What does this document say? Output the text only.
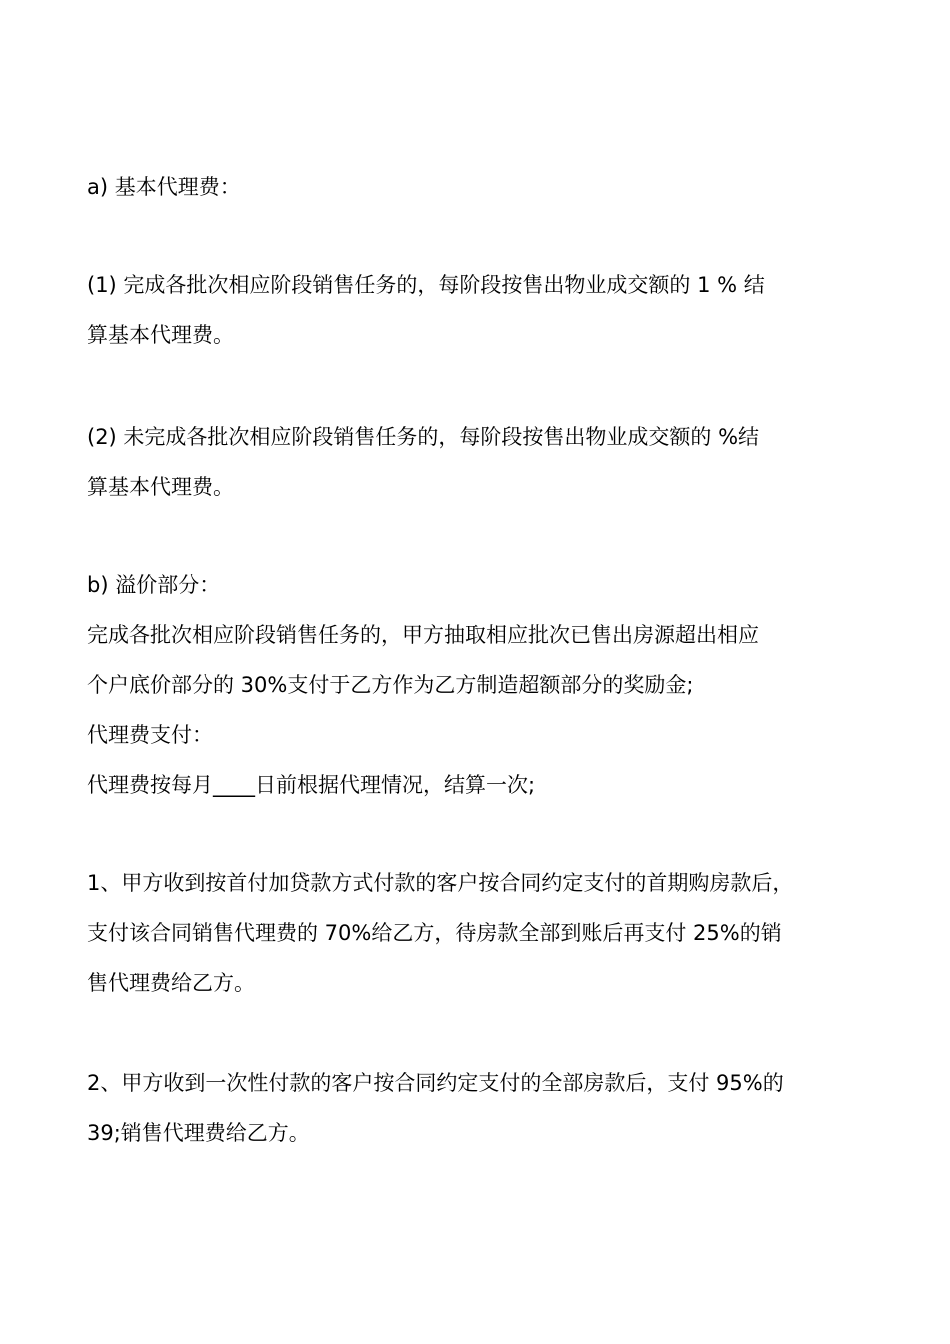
a) 基本代理费：
(1) 完成各批次相应阶段销售任务的，每阶段按售出物业成交额的 1 % 结
算基本代理费。
(2) 未完成各批次相应阶段销售任务的，每阶段按售出物业成交额的 %结
算基本代理费。
b) 溢价部分：
完成各批次相应阶段销售任务的，甲方抽取相应批次已售出房源超出相应
个户底价部分的 30%支付于乙方作为乙方制造超额部分的奖励金;
代理费支付：
代理费按每月____日前根据代理情况，结算一次;
1、甲方收到按首付加贷款方式付款的客户按合同约定支付的首期购房款后，
支付该合同销售代理费的 70%给乙方，待房款全部到账后再支付 25%的销
售代理费给乙方。
2、甲方收到一次性付款的客户按合同约定支付的全部房款后，支付 95%的
39;销售代理费给乙方。
